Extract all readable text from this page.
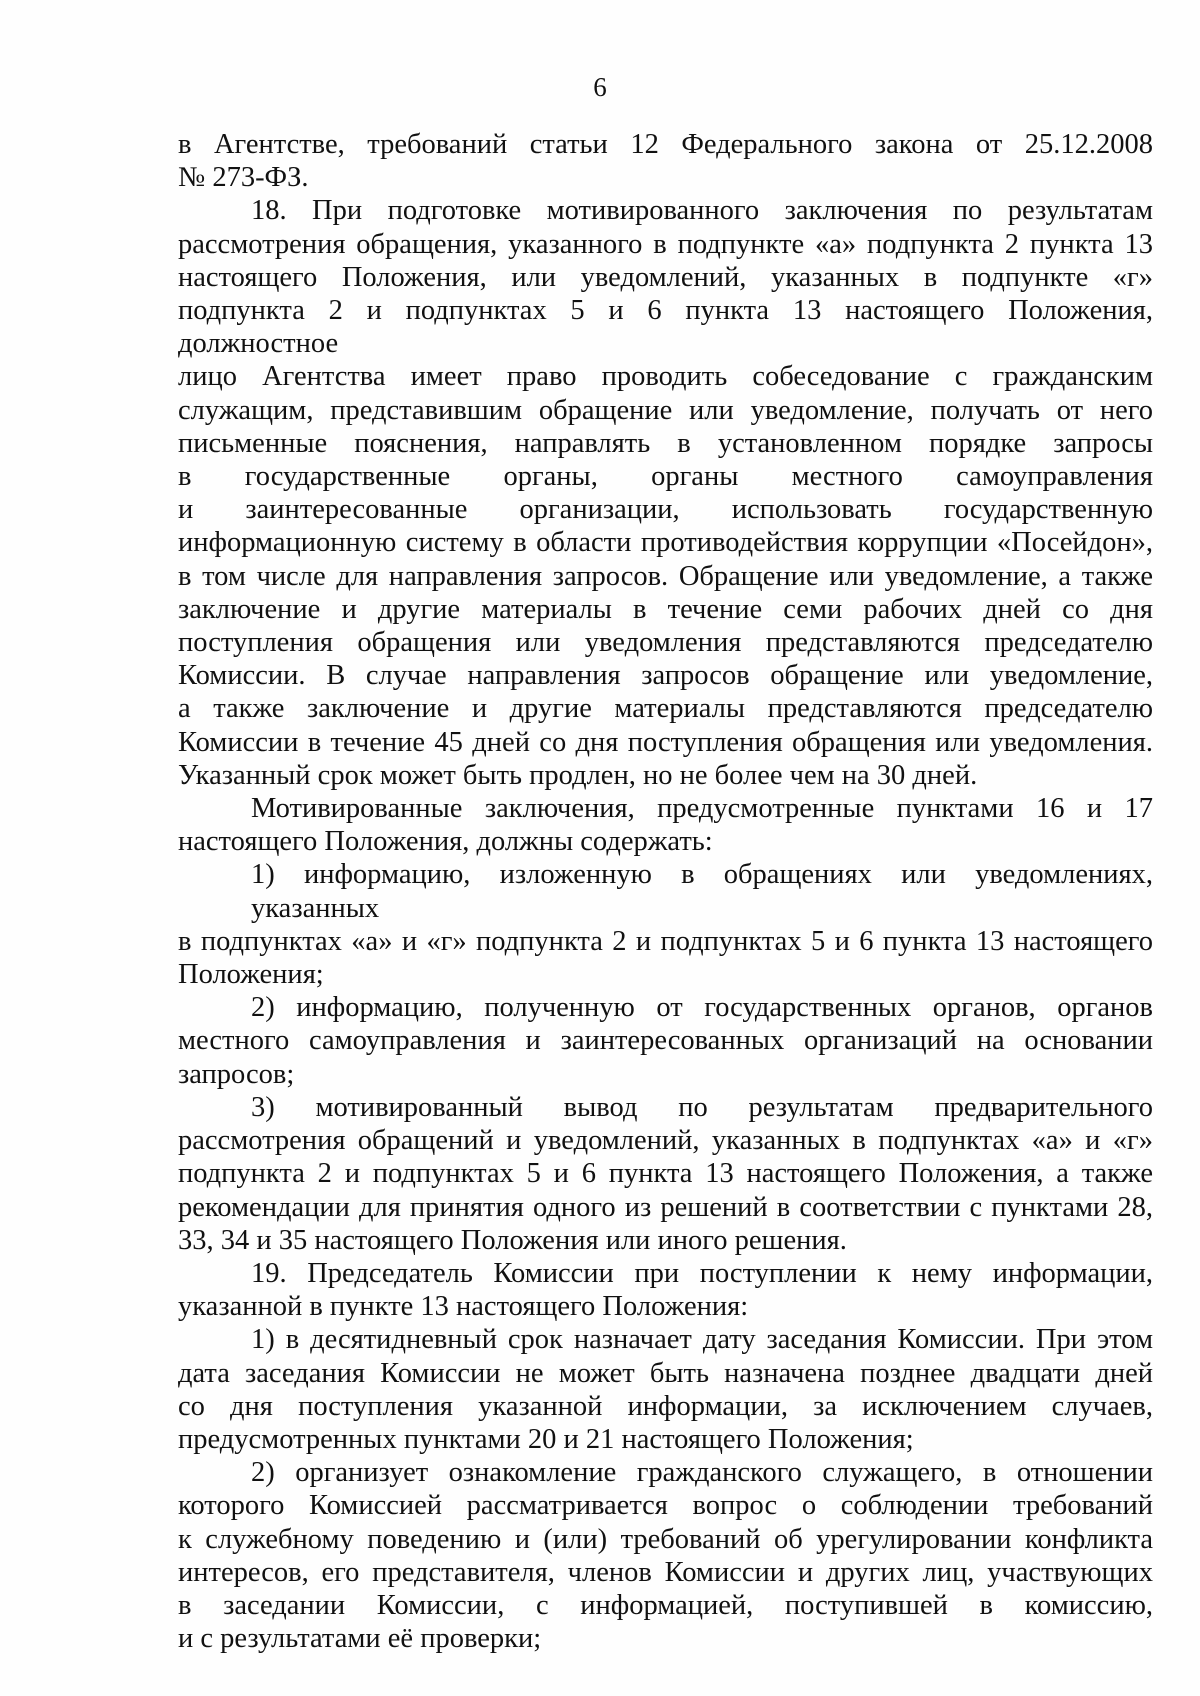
6
в Агентстве, требований статьи 12 Федерального закона от 25.12.2008
№ 273-ФЗ.
18. При подготовке мотивированного заключения по результатам
рассмотрения обращения, указанного в подпункте «а» подпункта 2 пункта 13
настоящего Положения, или уведомлений, указанных в подпункте «г»
подпункта 2 и подпунктах 5 и 6 пункта 13 настоящего Положения, должностное
лицо Агентства имеет право проводить собеседование с гражданским
служащим, представившим обращение или уведомление, получать от него
письменные пояснения, направлять в установленном порядке запросы
в государственные органы, органы местного самоуправления
и заинтересованные организации, использовать государственную
информационную систему в области противодействия коррупции «Посейдон»,
в том числе для направления запросов. Обращение или уведомление, а также
заключение и другие материалы в течение семи рабочих дней со дня
поступления обращения или уведомления представляются председателю
Комиссии. В случае направления запросов обращение или уведомление,
а также заключение и другие материалы представляются председателю
Комиссии в течение 45 дней со дня поступления обращения или уведомления.
Указанный срок может быть продлен, но не более чем на 30 дней.
Мотивированные заключения, предусмотренные пунктами 16 и 17
настоящего Положения, должны содержать:
1) информацию, изложенную в обращениях или уведомлениях, указанных
в подпунктах «а» и «г» подпункта 2 и подпунктах 5 и 6 пункта 13 настоящего
Положения;
2) информацию, полученную от государственных органов, органов
местного самоуправления и заинтересованных организаций на основании
запросов;
3) мотивированный вывод по результатам предварительного
рассмотрения обращений и уведомлений, указанных в подпунктах «а» и «г»
подпункта 2 и подпунктах 5 и 6 пункта 13 настоящего Положения, а также
рекомендации для принятия одного из решений в соответствии с пунктами 28,
33, 34 и 35 настоящего Положения или иного решения.
19. Председатель Комиссии при поступлении к нему информации,
указанной в пункте 13 настоящего Положения:
1) в десятидневный срок назначает дату заседания Комиссии. При этом
дата заседания Комиссии не может быть назначена позднее двадцати дней
со дня поступления указанной информации, за исключением случаев,
предусмотренных пунктами 20 и 21 настоящего Положения;
2) организует ознакомление гражданского служащего, в отношении
которого Комиссией рассматривается вопрос о соблюдении требований
к служебному поведению и (или) требований об урегулировании конфликта
интересов, его представителя, членов Комиссии и других лиц, участвующих
в заседании Комиссии, с информацией, поступившей в комиссию,
и с результатами её проверки;
